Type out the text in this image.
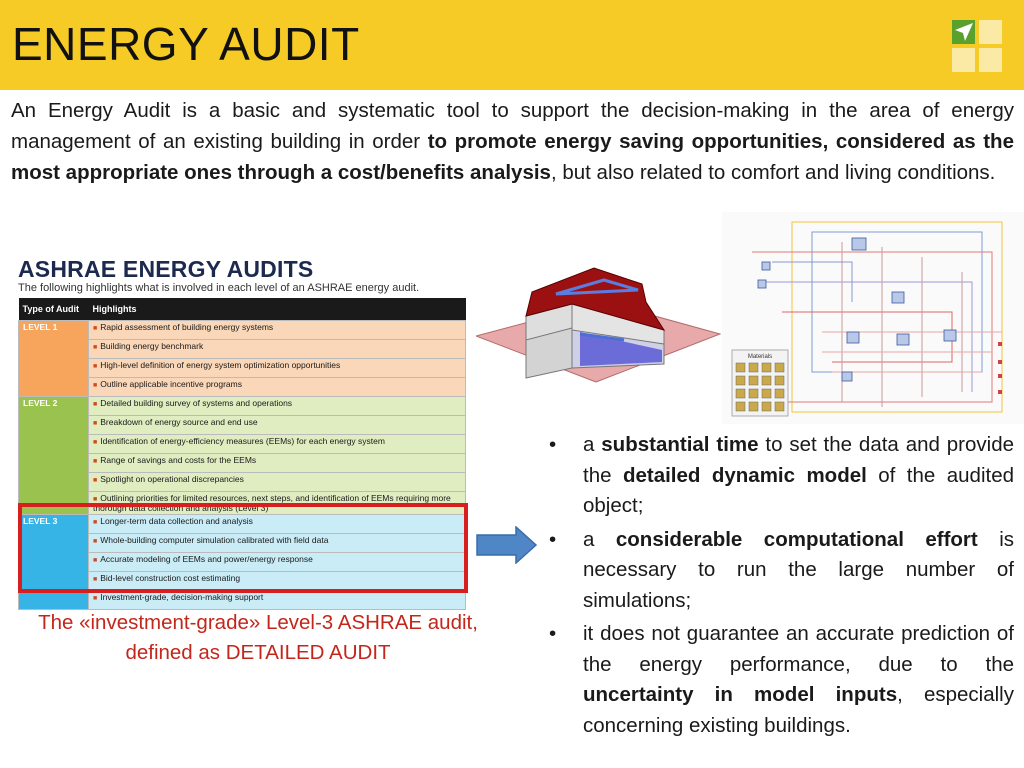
ENERGY AUDIT

An Energy Audit is a basic and systematic tool to support the decision-making in the area of energy management of an existing building in order to promote energy saving opportunities, considered as the most appropriate ones through a cost/benefits analysis, but also related to comfort and living conditions.

ASHRAE ENERGY AUDITS
The following highlights what is involved in each level of an ASHRAE energy audit.
Type of Audit	Highlights
LEVEL 1	■ Rapid assessment of building energy systems
	■ Building energy benchmark
	■ High-level definition of energy system optimization opportunities
	■ Outline applicable incentive programs
LEVEL 2	■ Detailed building survey of systems and operations
	■ Breakdown of energy source and end use
	■ Identification of energy-efficiency measures (EEMs) for each energy system
	■ Range of savings and costs for the EEMs
	■ Spotlight on operational discrepancies
	■ Outlining priorities for limited resources, next steps, and identification of EEMs requiring more thorough data collection and analysis (Level 3)
LEVEL 3	■ Longer-term data collection and analysis
	■ Whole-building computer simulation calibrated with field data
	■ Accurate modeling of EEMs and power/energy response
	■ Bid-level construction cost estimating
	■ Investment-grade, decision-making support
The «investment-grade» Level-3 ASHRAE audit,
defined as DETAILED AUDIT
Materials
• a substantial time to set the data and provide the detailed dynamic model of the audited object;
• a considerable computational effort is necessary to run the large number of simulations;
• it does not guarantee an accurate prediction of the energy performance, due to the uncertainty in model inputs, especially concerning existing buildings.
